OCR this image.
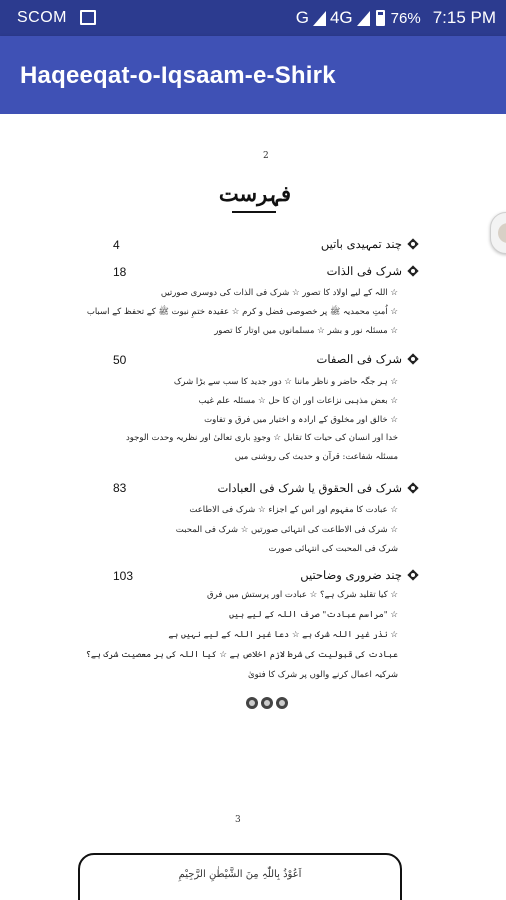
SCOM	G 4G	76% 7:15 PM
Haqeeqat-o-Iqsaam-e-Shirk
2
فہرست
چند تمہیدی باتیں
4
شرک فی الذات
18
☆ اللہ کے لیے اولاد کا تصور ☆ شرک فی الذات کی دوسری صورتیں
☆ اُمتِ محمدیہ ﷺ پر خصوصی فضل و کرم ☆ عقیدہ ختمِ نبوت ﷺ کے تحفظ کے اسباب
☆ مسئلہ نور و بشر ☆ مسلمانوں میں اوتار کا تصور
شرک فی الصفات
50
☆ ہر جگہ حاضر و ناظر ماننا ☆ دور جدید کا سب سے بڑا شرک
☆ بعض مذہبی نزاعات اور ان کا حل ☆ مسئلہ علم غیب
☆ خالق اور مخلوق کے ارادہ و اختیار میں فرق و تفاوت
خدا اور انسان کی حیات کا تقابل ☆ وجودِ باری تعالیٰ اور نظریہ وحدت الوجود
مسئلہ شفاعت: قرآن و حدیث کی روشنی میں
شرک فی الحقوق یا شرک فی العبادات
83
☆ عبادت کا مفہوم اور اس کے اجزاء ☆ شرک فی الاطاعت
☆ شرک فی الاطاعت کی انتہائی صورتیں ☆ شرک فی المحبت
شرک فی المحبت کی انتہائی صورت
چند ضروری وضاحتیں
103
☆ کیا تقلید شرک ہے؟ ☆ عبادت اور پرستش میں فرق
☆ "مراسم عبادت" صرف اللہ کے لیے ہیں
☆ نذر غیر اللہ شرک ہے ☆ دعا غیر اللہ کے لیے نہیں ہے
عبادت کی قبولیت کی شرط لازم اخلاص ہے ☆ کیا اللہ کی ہر معصیت شرک ہے؟
شرکیہ اعمال کرنے والوں پر شرک کا فتویٰ
3
اَعُوْذُ بِاللّٰہِ مِنَ الشَّیْطٰنِ الرَّجِیْمِ
